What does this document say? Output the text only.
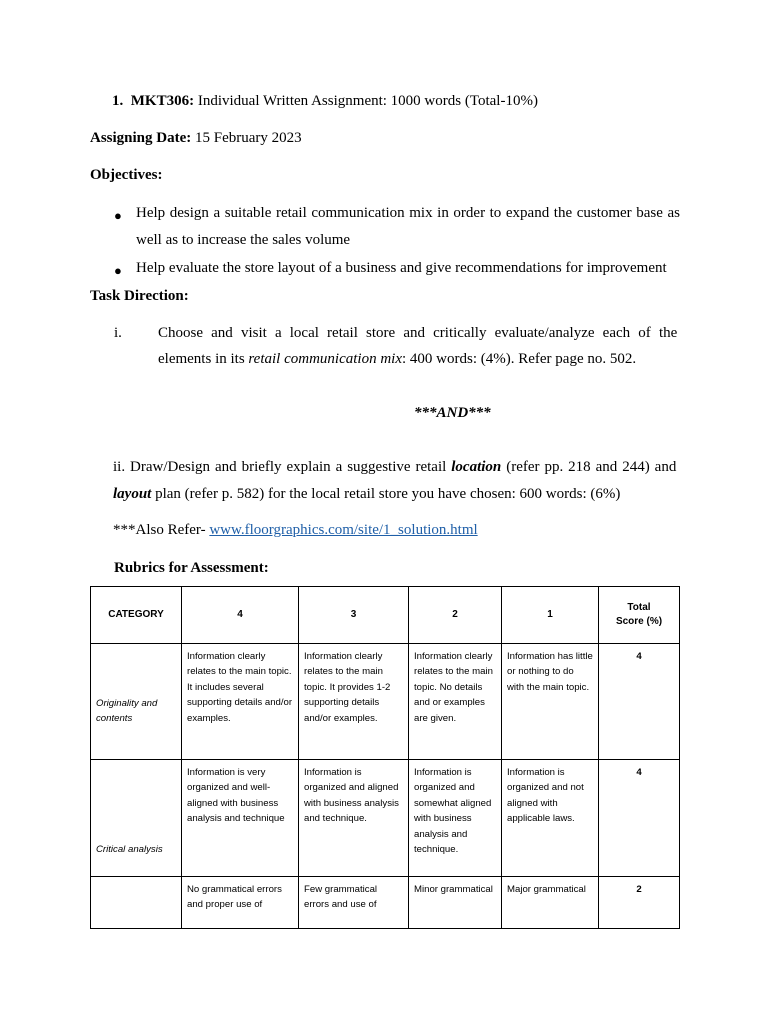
1. MKT306: Individual Written Assignment: 1000 words (Total-10%)
Assigning Date: 15 February 2023
Objectives:
● Help design a suitable retail communication mix in order to expand the customer base as
well as to increase the sales volume
● Help evaluate the store layout of a business and give recommendations for improvement
Task Direction:
i. Choose and visit a local retail store and critically evaluate/analyze each of the
elements in its retail communication mix: 400 words: (4%). Refer page no. 502.
***AND***
ii. Draw/Design and briefly explain a suggestive retail location (refer pp. 218 and 244) and
layout plan (refer p. 582) for the local retail store you have chosen: 600 words: (6%)
***Also Refer- www.floorgraphics.com/site/1_solution.html
Rubrics for Assessment:
CATEGORY	4	3	2	1	Total Score (%)
Originality and contents	Information clearly relates to the main topic. It includes several supporting details and/or examples.	Information clearly relates to the main topic. It provides 1-2 supporting details and/or examples.	Information clearly relates to the main topic. No details and or examples are given.	Information has little or nothing to do with the main topic.	4
Critical analysis	Information is very organized and well-aligned with business analysis and technique	Information is organized and aligned with business analysis and technique.	Information is organized and somewhat aligned with business analysis and technique.	Information is organized and not aligned with applicable laws.	4
	No grammatical errors and proper use of	Few grammatical errors and use of	Minor grammatical	Major grammatical	2
